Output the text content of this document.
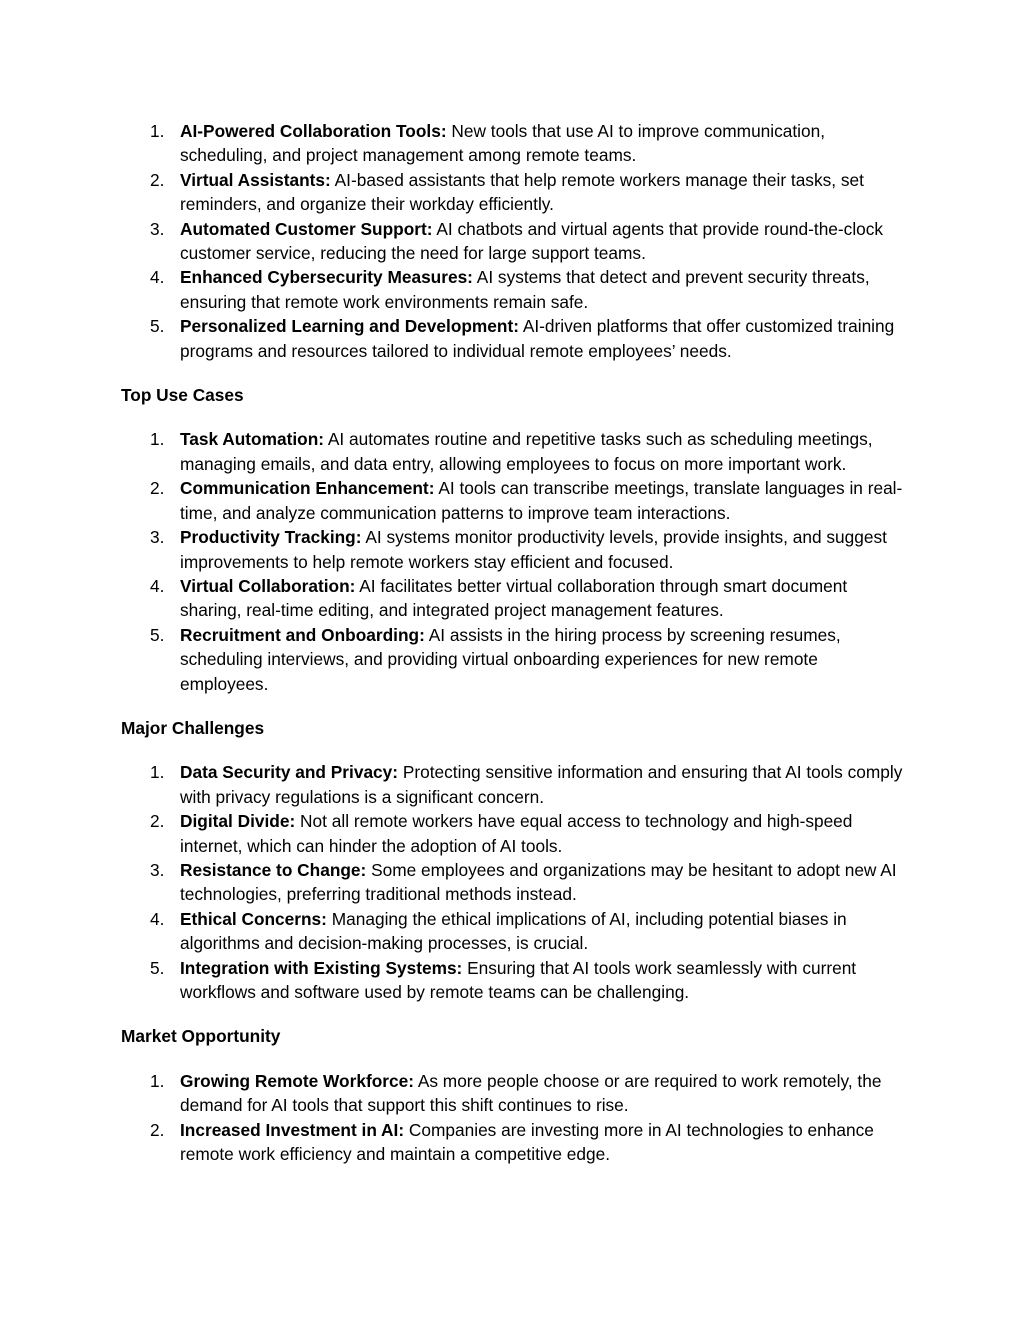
1. AI-Powered Collaboration Tools: New tools that use AI to improve communication, scheduling, and project management among remote teams.
2. Virtual Assistants: AI-based assistants that help remote workers manage their tasks, set reminders, and organize their workday efficiently.
3. Automated Customer Support: AI chatbots and virtual agents that provide round-the-clock customer service, reducing the need for large support teams.
4. Enhanced Cybersecurity Measures: AI systems that detect and prevent security threats, ensuring that remote work environments remain safe.
5. Personalized Learning and Development: AI-driven platforms that offer customized training programs and resources tailored to individual remote employees’ needs.
Top Use Cases
1. Task Automation: AI automates routine and repetitive tasks such as scheduling meetings, managing emails, and data entry, allowing employees to focus on more important work.
2. Communication Enhancement: AI tools can transcribe meetings, translate languages in real-time, and analyze communication patterns to improve team interactions.
3. Productivity Tracking: AI systems monitor productivity levels, provide insights, and suggest improvements to help remote workers stay efficient and focused.
4. Virtual Collaboration: AI facilitates better virtual collaboration through smart document sharing, real-time editing, and integrated project management features.
5. Recruitment and Onboarding: AI assists in the hiring process by screening resumes, scheduling interviews, and providing virtual onboarding experiences for new remote employees.
Major Challenges
1. Data Security and Privacy: Protecting sensitive information and ensuring that AI tools comply with privacy regulations is a significant concern.
2. Digital Divide: Not all remote workers have equal access to technology and high-speed internet, which can hinder the adoption of AI tools.
3. Resistance to Change: Some employees and organizations may be hesitant to adopt new AI technologies, preferring traditional methods instead.
4. Ethical Concerns: Managing the ethical implications of AI, including potential biases in algorithms and decision-making processes, is crucial.
5. Integration with Existing Systems: Ensuring that AI tools work seamlessly with current workflows and software used by remote teams can be challenging.
Market Opportunity
1. Growing Remote Workforce: As more people choose or are required to work remotely, the demand for AI tools that support this shift continues to rise.
2. Increased Investment in AI: Companies are investing more in AI technologies to enhance remote work efficiency and maintain a competitive edge.
